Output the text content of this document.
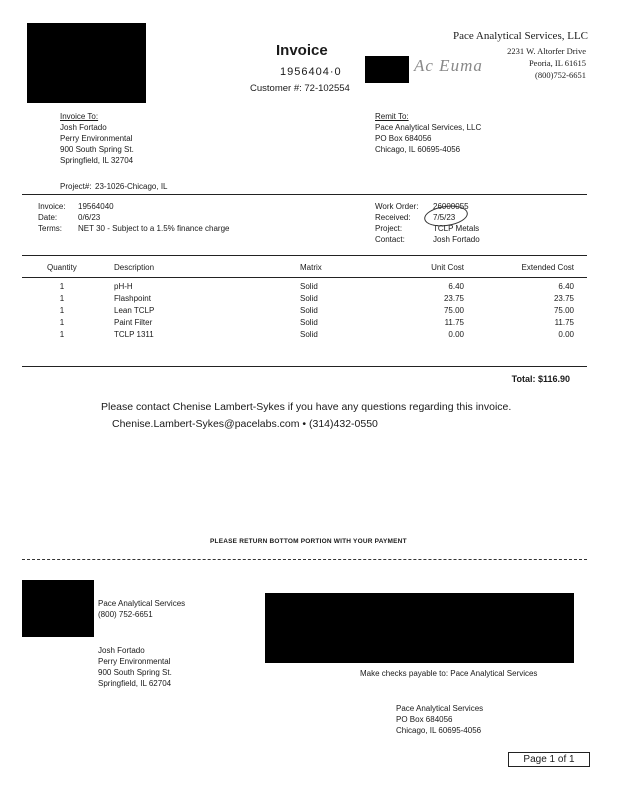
Invoice
1956404·0
Customer #: 72-102554
Ac Euma
Pace Analytical Services, LLC
2231 W. Altorfer Drive
Peoria, IL 61615
(800)752-6651
Invoice To:
Josh Fortado
Perry Environmental
900 South Spring St.
Springfield, IL 32704
Remit To:
Pace Analytical Services, LLC
PO Box 684056
Chicago, IL 60695-4056
Project#: 23-1026-Chicago, IL
Invoice: 19564040
Date:	0/6/23
Terms: NET 30 - Subject to a 1.5% finance charge
Work Order: 26000055
Received:	7/5/23
Project:	TCLP Metals
Contact:	Josh Fortado
Quantity	Description	Matrix	Unit Cost	Extended Cost
1	pH-H	Solid	6.40	6.40
1	Flashpoint	Solid	23.75	23.75
1	Lean TCLP	Solid	75.00	75.00
1	Paint Filter	Solid	11.75	11.75
1	TCLP 1311	Solid	0.00	0.00
Total: $116.90
Please contact Chenise Lambert-Sykes if you have any questions regarding this invoice.
Chenise.Lambert-Sykes@pacelabs.com • (314)432-0550
PLEASE RETURN BOTTOM PORTION WITH YOUR PAYMENT
Pace Analytical Services
(800) 752-6651
Josh Fortado
Perry Environmental
900 South Spring St.
Springfield, IL 62704
Make checks payable to: Pace Analytical Services
Pace Analytical Services
PO Box 684056
Chicago, IL 60695-4056
Page 1 of 1
